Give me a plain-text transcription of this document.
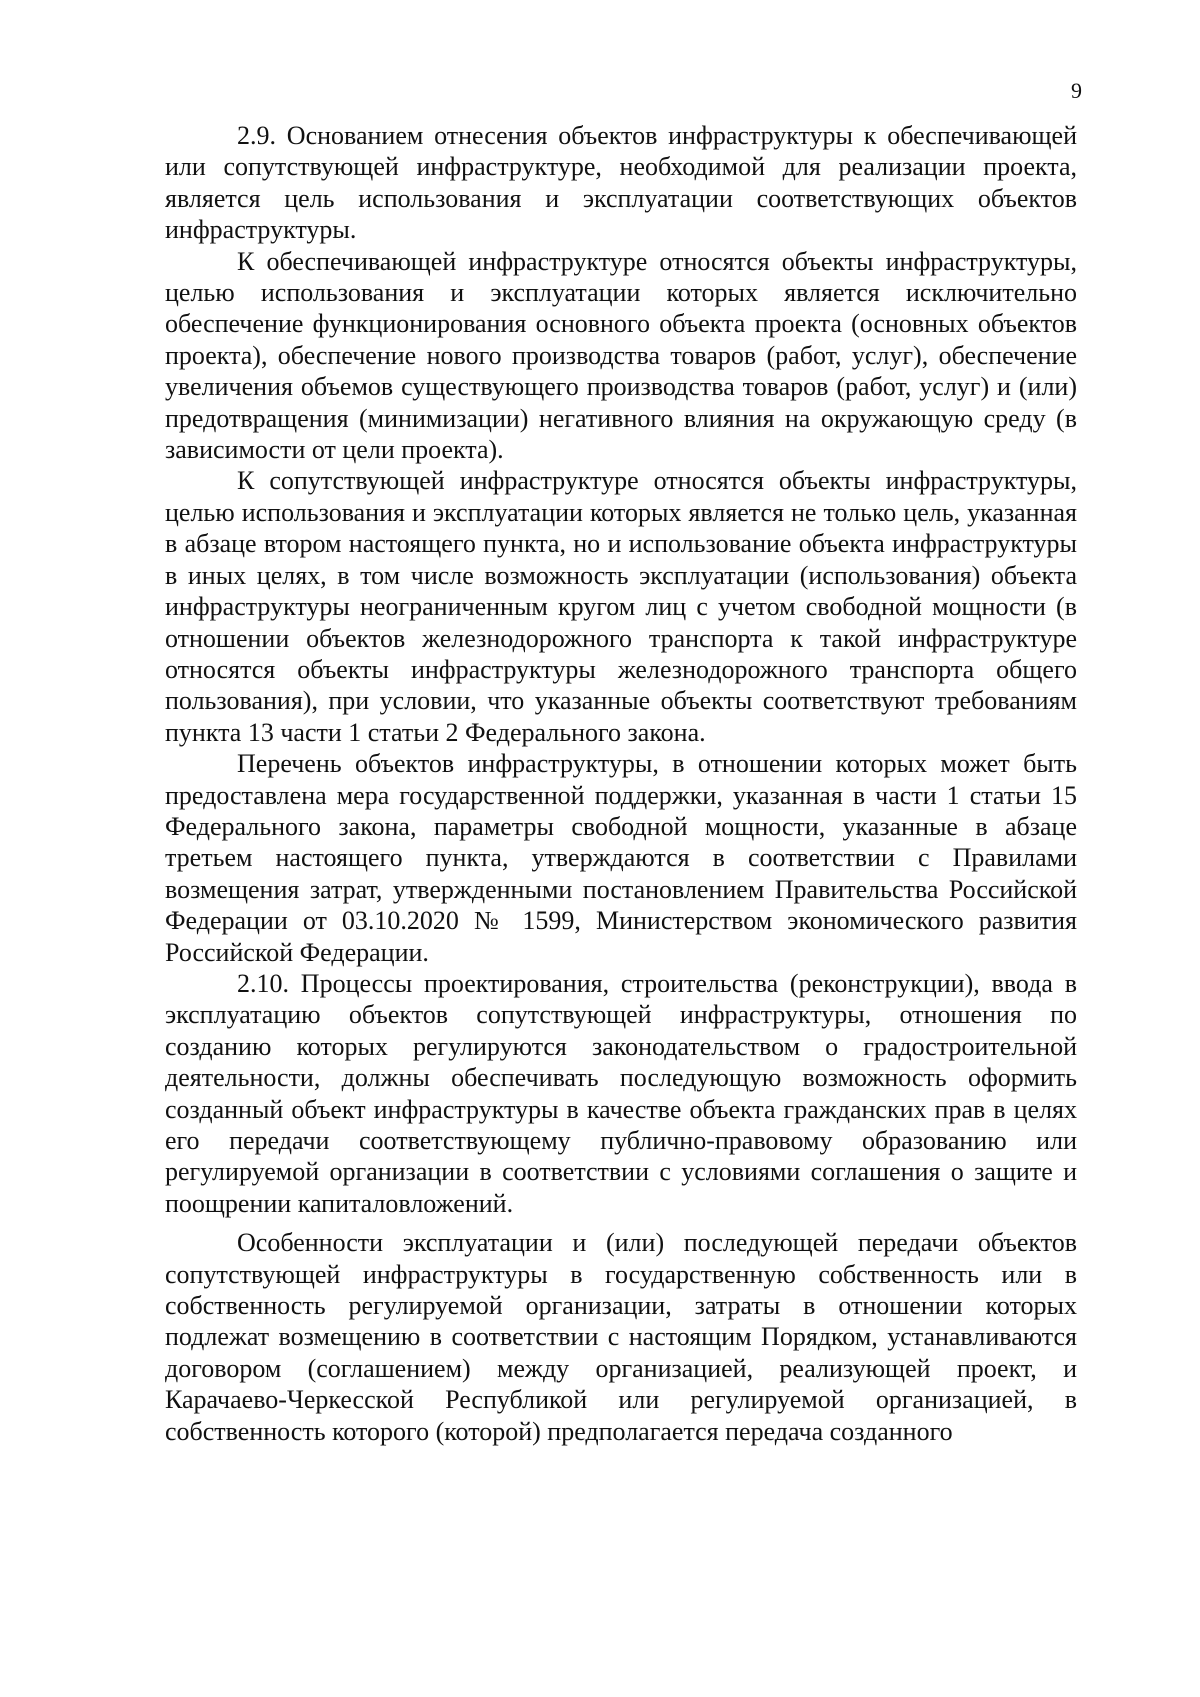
9

2.9. Основанием отнесения объектов инфраструктуры к обеспечивающей или сопутствующей инфраструктуре, необходимой для реализации проекта, является цель использования и эксплуатации соответствующих объектов инфраструктуры.

К обеспечивающей инфраструктуре относятся объекты инфраструктуры, целью использования и эксплуатации которых является исключительно обеспечение функционирования основного объекта проекта (основных объектов проекта), обеспечение нового производства товаров (работ, услуг), обеспечение увеличения объемов существующего производства товаров (работ, услуг) и (или) предотвращения (минимизации) негативного влияния на окружающую среду (в зависимости от цели проекта).

К сопутствующей инфраструктуре относятся объекты инфраструктуры, целью использования и эксплуатации которых является не только цель, указанная в абзаце втором настоящего пункта, но и использование объекта инфраструктуры в иных целях, в том числе возможность эксплуатации (использования) объекта инфраструктуры неограниченным кругом лиц с учетом свободной мощности (в отношении объектов железнодорожного транспорта к такой инфраструктуре относятся объекты инфраструктуры железнодорожного транспорта общего пользования), при условии, что указанные объекты соответствуют требованиям пункта 13 части 1 статьи 2 Федерального закона.

Перечень объектов инфраструктуры, в отношении которых может быть предоставлена мера государственной поддержки, указанная в части 1 статьи 15 Федерального закона, параметры свободной мощности, указанные в абзаце третьем настоящего пункта, утверждаются в соответствии с Правилами возмещения затрат, утвержденными постановлением Правительства Российской Федерации от 03.10.2020 № 1599, Министерством экономического развития Российской Федерации.

2.10. Процессы проектирования, строительства (реконструкции), ввода в эксплуатацию объектов сопутствующей инфраструктуры, отношения по созданию которых регулируются законодательством о градостроительной деятельности, должны обеспечивать последующую возможность оформить созданный объект инфраструктуры в качестве объекта гражданских прав в целях его передачи соответствующему публично-правовому образованию или регулируемой организации в соответствии с условиями соглашения о защите и поощрении капиталовложений.

Особенности эксплуатации и (или) последующей передачи объектов сопутствующей инфраструктуры в государственную собственность или в собственность регулируемой организации, затраты в отношении которых подлежат возмещению в соответствии с настоящим Порядком, устанавливаются договором (соглашением) между организацией, реализующей проект, и Карачаево-Черкесской Республикой или регулируемой организацией, в собственность которого (которой) предполагается передача созданного
